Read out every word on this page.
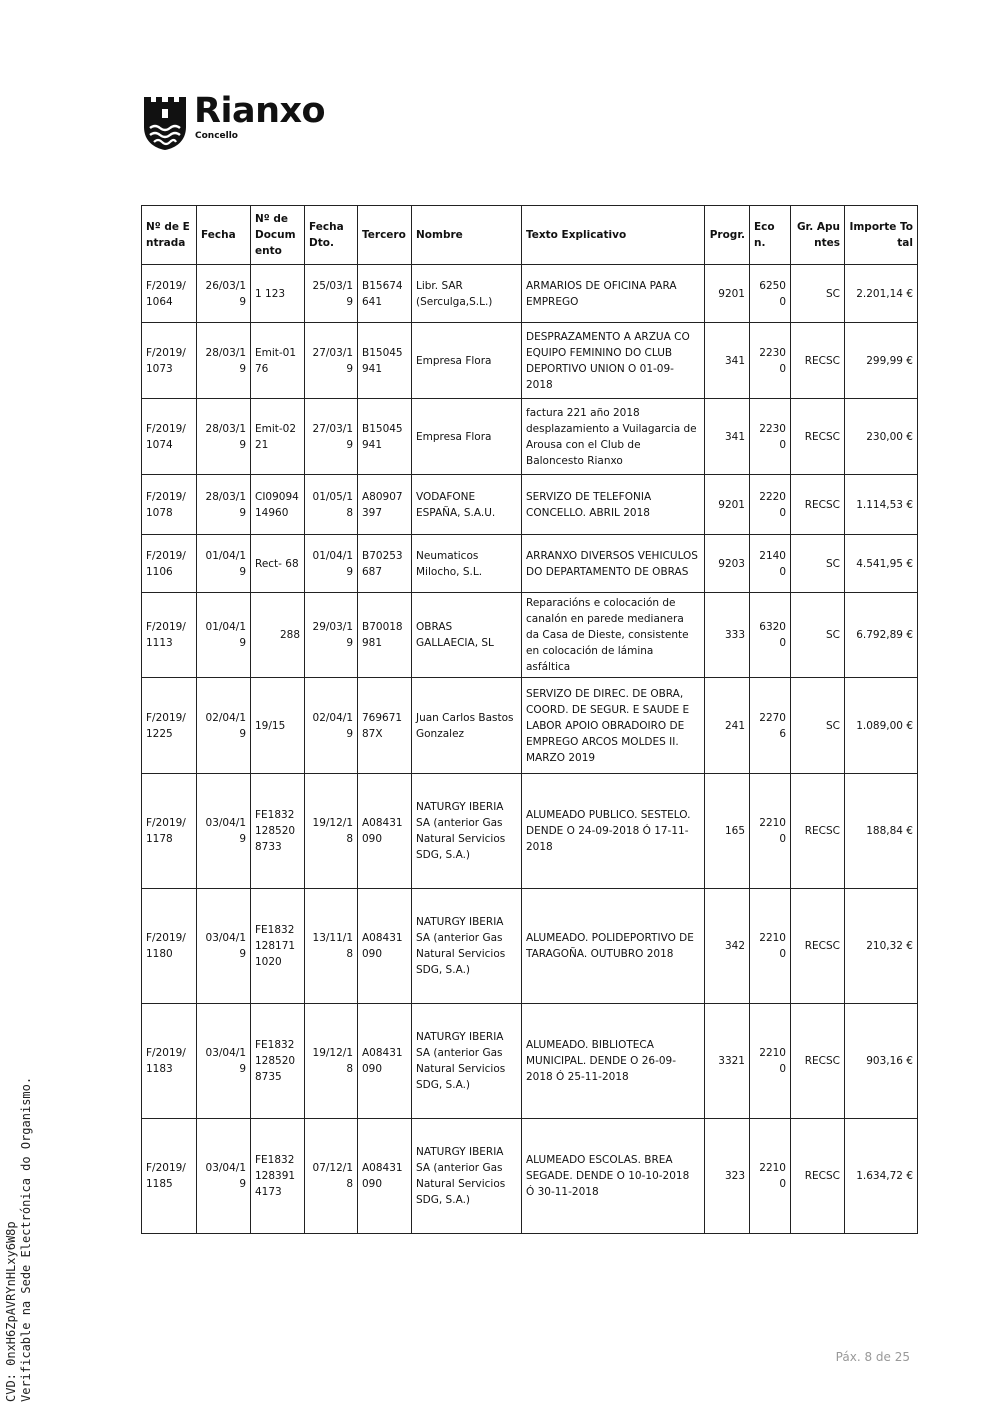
Rianxo
Concello
Nº de Entrada	Fecha	Nº de Documento	Fecha Dto.	Tercero	Nombre	Texto Explicativo	Progr.	Econ.	Gr. Apuntes	Importe Total
F/2019/1064	26/03/19	1 123	25/03/19	B15674641	Libr. SAR (Serculga,S.L.)	ARMARIOS DE OFICINA PARA EMPREGO	9201	62500	SC	2.201,14 €
F/2019/1073	28/03/19	Emit-0176	27/03/19	B15045941	Empresa Flora	DESPRAZAMENTO A ARZUA CO EQUIPO FEMININO DO CLUB DEPORTIVO UNION O 01-09-2018	341	22300	RECSC	299,99 €
F/2019/1074	28/03/19	Emit-0221	27/03/19	B15045941	Empresa Flora	factura 221 año 2018 desplazamiento a Vuilagarcia de Arousa con el Club de Baloncesto Rianxo	341	22300	RECSC	230,00 €
F/2019/1078	28/03/19	CI0909414960	01/05/18	A80907397	VODAFONE ESPAÑA, S.A.U.	SERVIZO DE TELEFONIA CONCELLO. ABRIL 2018	9201	22200	RECSC	1.114,53 €
F/2019/1106	01/04/19	Rect- 68	01/04/19	B70253687	Neumaticos Milocho, S.L.	ARRANXO DIVERSOS VEHICULOS DO DEPARTAMENTO DE OBRAS	9203	21400	SC	4.541,95 €
F/2019/1113	01/04/19	288	29/03/19	B70018981	OBRAS GALLAECIA, SL	Reparacións e colocación de canalón en parede medianera da Casa de Dieste, consistente en colocación de lámina asfáltica	333	63200	SC	6.792,89 €
F/2019/1225	02/04/19	19/15	02/04/19	76967187X	Juan Carlos Bastos Gonzalez	SERVIZO DE DIREC. DE OBRA, COORD. DE SEGUR. E SAUDE E LABOR APOIO OBRADOIRO DE EMPREGO ARCOS MOLDES II. MARZO 2019	241	22706	SC	1.089,00 €
F/2019/1178	03/04/19	FE18321285208733	19/12/18	A08431090	NATURGY IBERIA SA (anterior Gas Natural Servicios SDG, S.A.)	ALUMEADO PUBLICO. SESTELO. DENDE O 24-09-2018 Ó 17-11-2018	165	22100	RECSC	188,84 €
F/2019/1180	03/04/19	FE18321281711020	13/11/18	A08431090	NATURGY IBERIA SA (anterior Gas Natural Servicios SDG, S.A.)	ALUMEADO. POLIDEPORTIVO DE TARAGOÑA. OUTUBRO 2018	342	22100	RECSC	210,32 €
F/2019/1183	03/04/19	FE18321285208735	19/12/18	A08431090	NATURGY IBERIA SA (anterior Gas Natural Servicios SDG, S.A.)	ALUMEADO. BIBLIOTECA MUNICIPAL. DENDE O 26-09-2018 Ó 25-11-2018	3321	22100	RECSC	903,16 €
F/2019/1185	03/04/19	FE18321283914173	07/12/18	A08431090	NATURGY IBERIA SA (anterior Gas Natural Servicios SDG, S.A.)	ALUMEADO ESCOLAS. BREA SEGADE. DENDE O 10-10-2018 Ó 30-11-2018	323	22100	RECSC	1.634,72 €
CVD: 0nxH6ZpAVRYnHLxy6W8p Verificable na Sede Electrónica do Organismo.	Páx. 8 de 25
